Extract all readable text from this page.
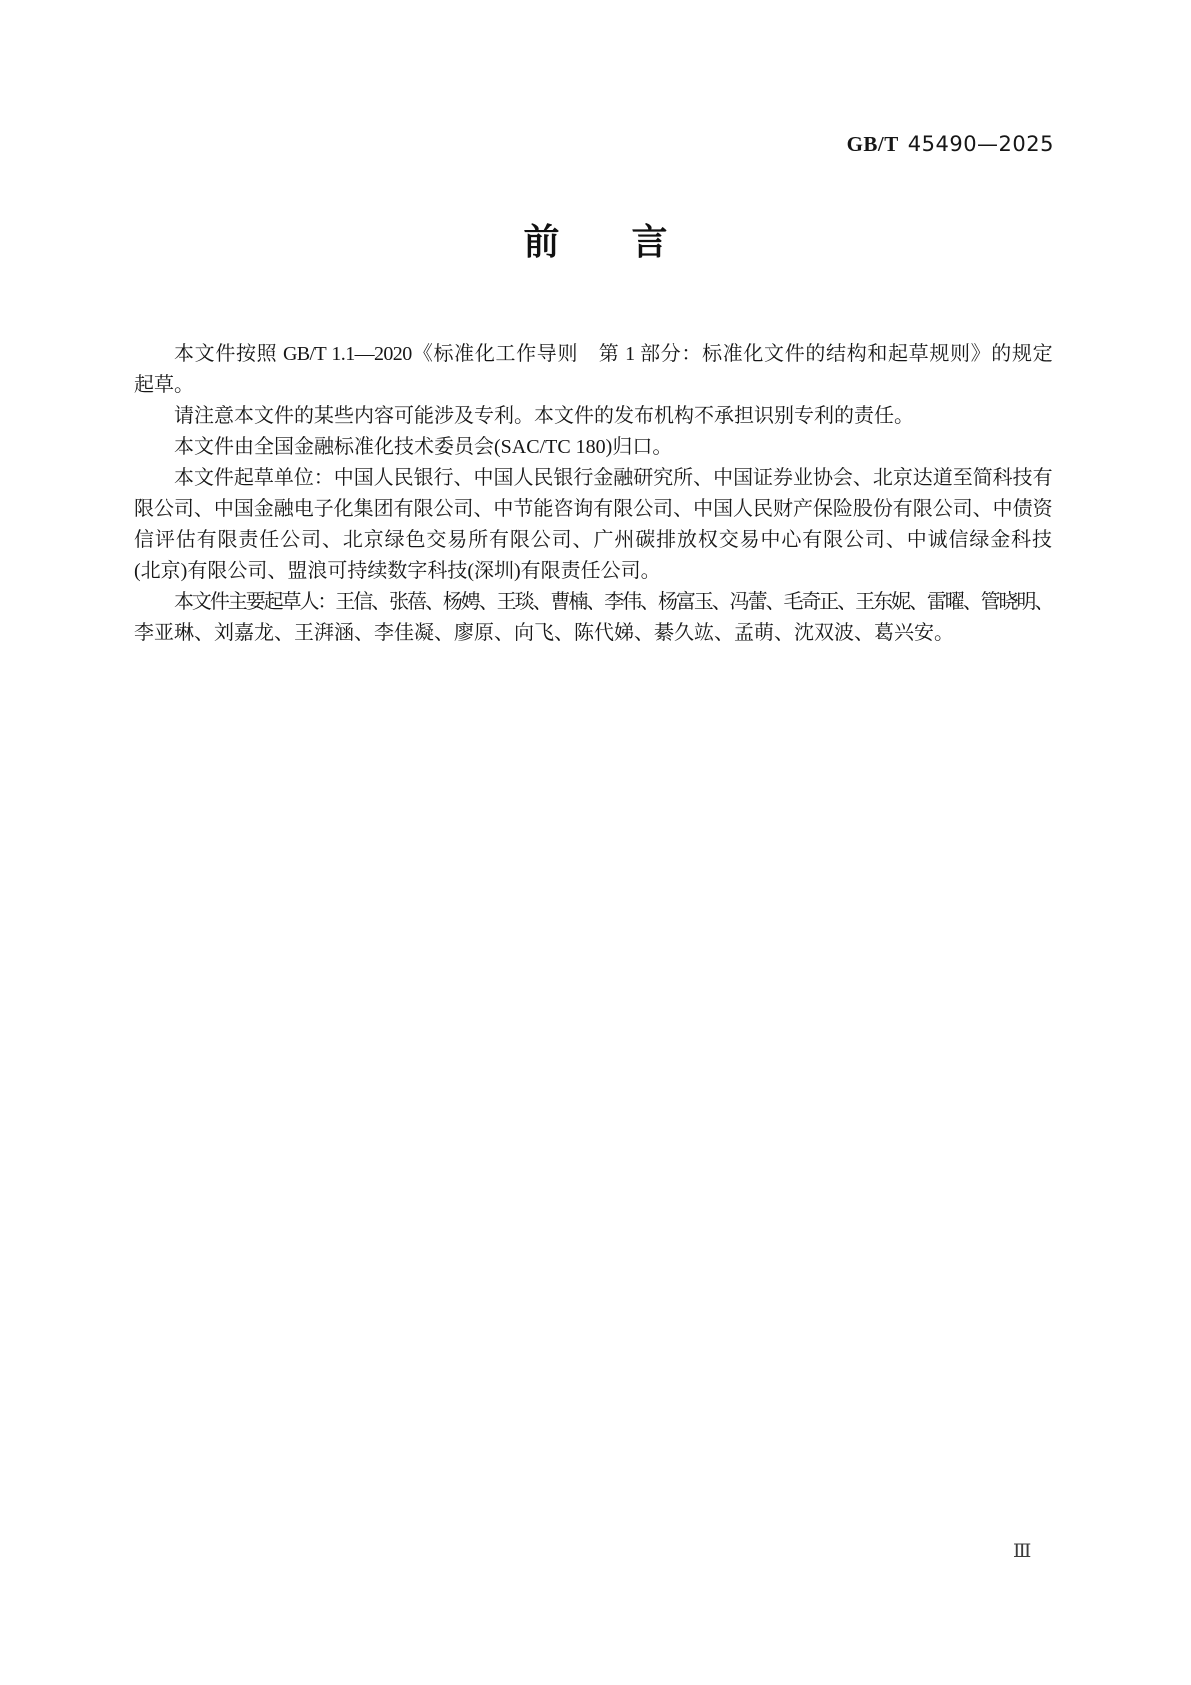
GB/T 45490—2025
前　　言
本文件按照 GB/T 1.1—2020《标准化工作导则　第 1 部分：标准化文件的结构和起草规则》的规定
起草。
请注意本文件的某些内容可能涉及专利。本文件的发布机构不承担识别专利的责任。
本文件由全国金融标准化技术委员会(SAC/TC 180)归口。
本文件起草单位：中国人民银行、中国人民银行金融研究所、中国证券业协会、北京达道至简科技有
限公司、中国金融电子化集团有限公司、中节能咨询有限公司、中国人民财产保险股份有限公司、中债资
信评估有限责任公司、北京绿色交易所有限公司、广州碳排放权交易中心有限公司、中诚信绿金科技
(北京)有限公司、盟浪可持续数字科技(深圳)有限责任公司。
本文件主要起草人：王信、张蓓、杨娉、王琰、曹楠、李伟、杨富玉、冯蕾、毛奇正、王东妮、雷曜、管晓明、
李亚琳、刘嘉龙、王湃涵、李佳凝、廖原、向飞、陈代娣、綦久竑、孟萌、沈双波、葛兴安。
Ⅲ
